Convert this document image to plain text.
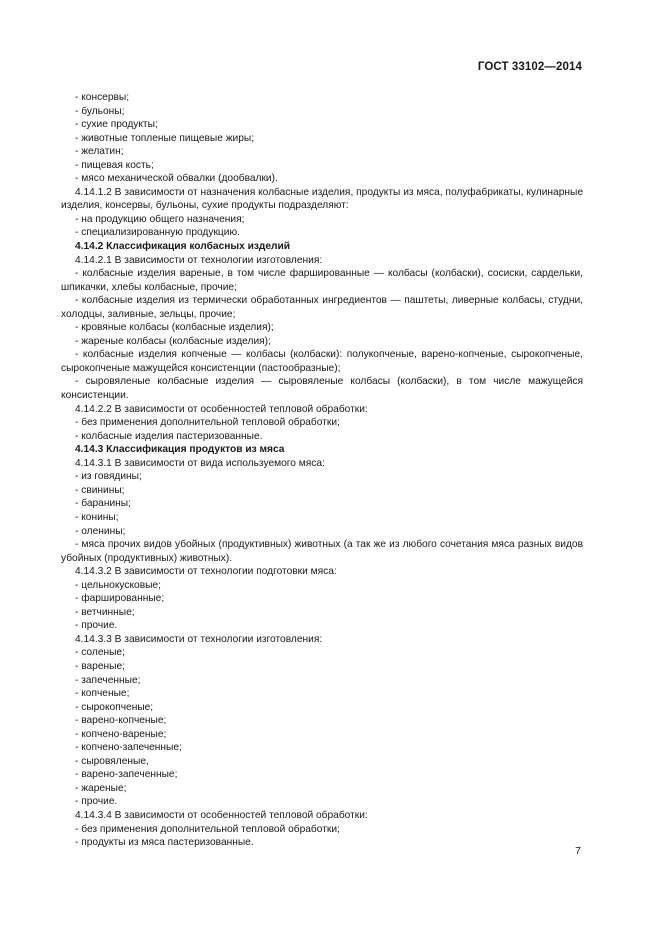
ГОСТ 33102—2014
- консервы;
- бульоны;
- сухие продукты;
- животные топленые пищевые жиры;
- желатин;
- пищевая кость;
- мясо механической обвалки (дообвалки).
4.14.1.2 В зависимости от назначения колбасные изделия, продукты из мяса, полуфабрикаты, кулинарные изделия, консервы, бульоны, сухие продукты подразделяют:
- на продукцию общего назначения;
- специализированную продукцию.
4.14.2 Классификация колбасных изделий
4.14.2.1 В зависимости от технологии изготовления:
- колбасные изделия вареные, в том числе фаршированные — колбасы (колбаски), сосиски, сардельки, шпикачки, хлебы колбасные, прочие;
- колбасные изделия из термически обработанных ингредиентов — паштеты, ливерные колбасы, студни, холодцы, заливные, зельцы, прочие;
- кровяные колбасы (колбасные изделия);
- жареные колбасы (колбасные изделия);
- колбасные изделия копченые — колбасы (колбаски): полукопченые, варено-копченые, сырокопченые, сырокопченые мажущейся консистенции (пастообразные);
- сыровяленые колбасные изделия — сыровяленые колбасы (колбаски), в том числе мажущейся консистенции.
4.14.2.2 В зависимости от особенностей тепловой обработки:
- без применения дополнительной тепловой обработки;
- колбасные изделия пастеризованные.
4.14.3 Классификация продуктов из мяса
4.14.3.1 В зависимости от вида используемого мяса:
- из говядины;
- свинины;
- баранины;
- конины;
- оленины;
- мяса прочих видов убойных (продуктивных) животных (а так же из любого сочетания мяса разных видов убойных (продуктивных) животных).
4.14.3.2 В зависимости от технологии подготовки мяса:
- цельнокусковые;
- фаршированные;
- ветчинные;
- прочие.
4.14.3.3 В зависимости от технологии изготовления:
- соленые;
- вареные;
- запеченные;
- копченые;
- сырокопченые;
- варено-копченые;
- копчено-вареные;
- копчено-запеченные;
- сыровяленые,
- варено-запеченные;
- жареные;
- прочие.
4.14.3.4 В зависимости от особенностей тепловой обработки:
- без применения дополнительной тепловой обработки;
- продукты из мяса пастеризованные.
7
